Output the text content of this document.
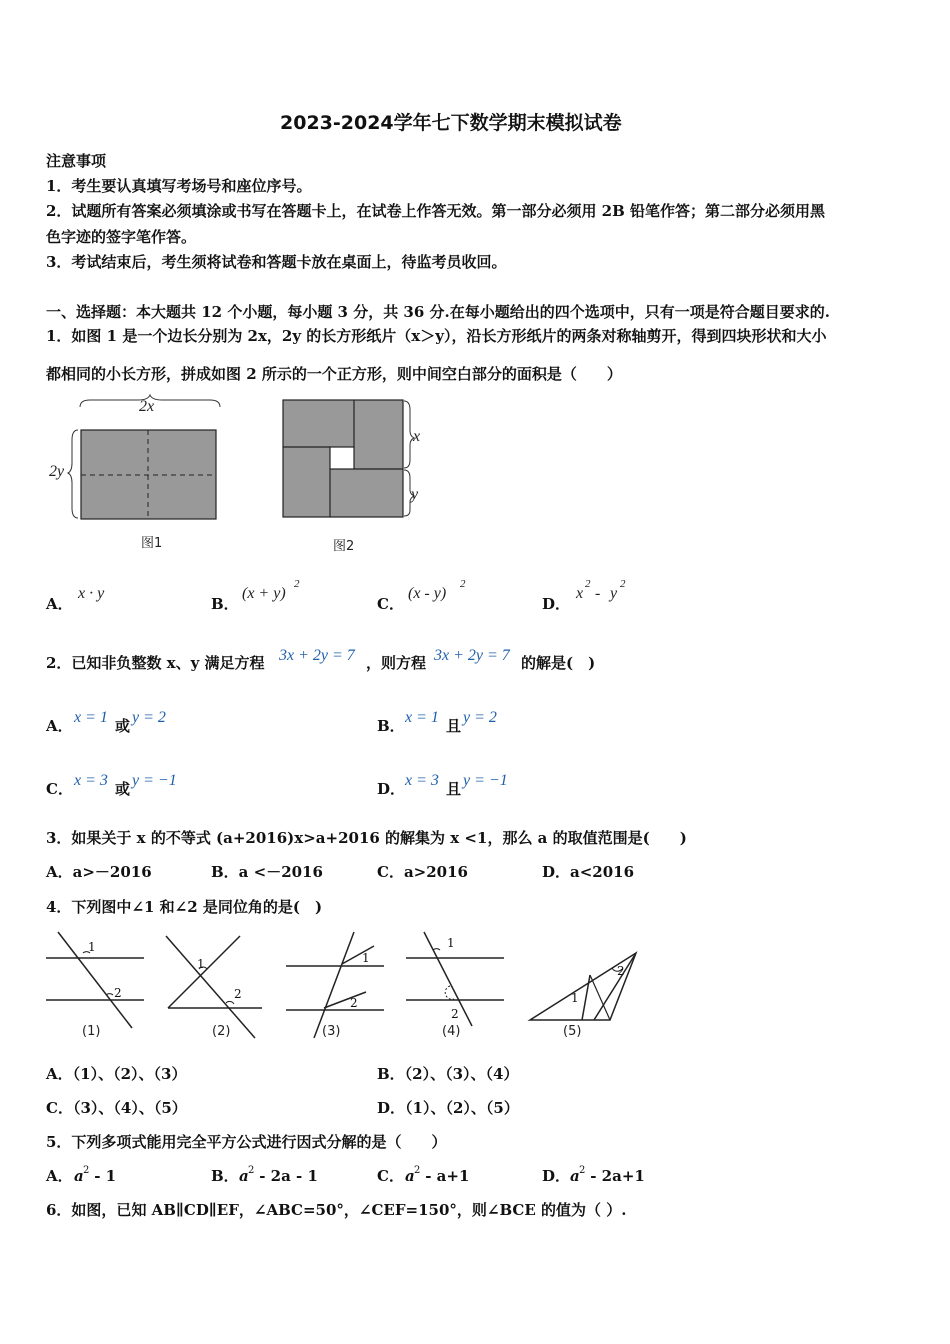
2023-2024学年七下数学期末模拟试卷
注意事项
1．考生要认真填写考场号和座位序号。
2．试题所有答案必须填涂或书写在答题卡上，在试卷上作答无效。第一部分必须用 2B 铅笔作答；第二部分必须用黑
色字迹的签字笔作答。
3．考试结束后，考生须将试卷和答题卡放在桌面上，待监考员收回。
一、选择题：本大题共 12 个小题，每小题 3 分，共 36 分.在每小题给出的四个选项中，只有一项是符合题目要求的.
1．如图 1 是一个边长分别为 2x，2y 的长方形纸片（x＞y），沿长方形纸片的两条对称轴剪开，得到四块形状和大小
都相同的小长方形，拼成如图 2 所示的一个正方形，则中间空白部分的面积是（　　）
2x
2y
图1
x
y
图2
A．
x · y
B．
(x + y)
2
C．
(x - y)
2
D．
x
2
- y
2
2．已知非负整数 x、y 满足方程 3x + 2y = 7 ，则方程 3x + 2y = 7 的解是(　)
A． x = 1 或 y = 2	B． x = 1 且 y = 2
C． x = 3 或 y = −1	D． x = 3 且 y = −1
3．如果关于 x 的不等式 (a+2016)x>a+2016 的解集为 x <1，那么 a 的取值范围是(　　)
A．a>－2016	B．a <－2016	C．a>2016	D．a<2016
4．下列图中∠1 和∠2 是同位角的是(　)
1
2
(1)
1
2
(2)
1
2
(3)
1
2
(4)
1
2
(5)
A．（1）、（2）、（3）	B．（2）、（3）、（4）
C．（3）、（4）、（5）	D．（1）、（2）、（5）
5．下列多项式能用完全平方公式进行因式分解的是（　　）
A． a 2 - 1	B． a 2 - 2a - 1	C． a 2 - a+1	D． a 2 - 2a+1
6．如图，已知 AB∥CD∥EF，∠ABC=50°，∠CEF=150°，则∠BCE 的值为（ ）.
